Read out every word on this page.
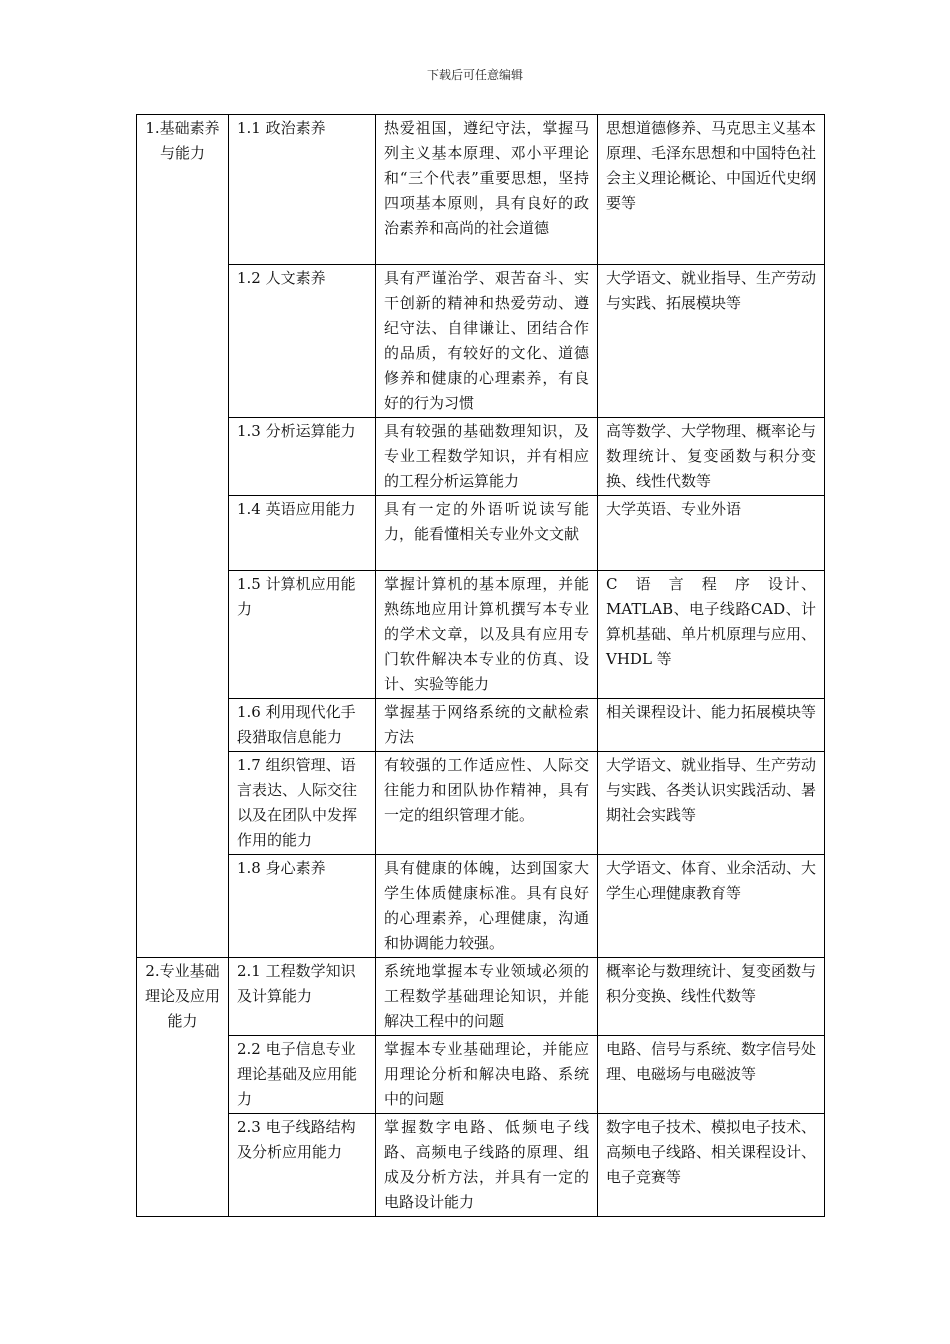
下载后可任意编辑
1.基础素养与能力	1.1 政治素养	热爱祖国，遵纪守法，掌握马列主义基本原理、邓小平理论和“三个代表”重要思想，坚持四项基本原则，具有良好的政治素养和高尚的社会道德	思想道德修养、马克思主义基本原理、毛泽东思想和中国特色社会主义理论概论、中国近代史纲要等
	1.2 人文素养	具有严谨治学、艰苦奋斗、实干创新的精神和热爱劳动、遵纪守法、自律谦让、团结合作的品质，有较好的文化、道德修养和健康的心理素养，有良好的行为习惯	大学语文、就业指导、生产劳动与实践、拓展模块等
	1.3 分析运算能力	具有较强的基础数理知识，及专业工程数学知识，并有相应的工程分析运算能力	高等数学、大学物理、概率论与数理统计、复变函数与积分变换、线性代数等
	1.4 英语应用能力	具有一定的外语听说读写能力，能看懂相关专业外文文献	大学英语、专业外语
	1.5 计算机应用能力	掌握计算机的基本原理，并能熟练地应用计算机撰写本专业的学术文章，以及具有应用专门软件解决本专业的仿真、设计、实验等能力	C　语　言　程　序　设计、MATLAB、电子线路CAD、计算机基础、单片机原理与应用、VHDL 等
	1.6 利用现代化手段猎取信息能力	掌握基于网络系统的文献检索方法	相关课程设计、能力拓展模块等
	1.7 组织管理、语言表达、人际交往以及在团队中发挥作用的能力	有较强的工作适应性、人际交往能力和团队协作精神，具有一定的组织管理才能。	大学语文、就业指导、生产劳动与实践、各类认识实践活动、暑期社会实践等
	1.8 身心素养	具有健康的体魄，达到国家大学生体质健康标准。具有良好的心理素养，心理健康，沟通和协调能力较强。	大学语文、体育、业余活动、大学生心理健康教育等
2.专业基础理论及应用能力	2.1 工程数学知识及计算能力	系统地掌握本专业领域必须的工程数学基础理论知识，并能解决工程中的问题	概率论与数理统计、复变函数与积分变换、线性代数等
	2.2 电子信息专业理论基础及应用能力	掌握本专业基础理论，并能应用理论分析和解决电路、系统中的问题	电路、信号与系统、数字信号处理、电磁场与电磁波等
	2.3 电子线路结构及分析应用能力	掌握数字电路、低频电子线路、高频电子线路的原理、组成及分析方法，并具有一定的电路设计能力	数字电子技术、模拟电子技术、高频电子线路、相关课程设计、电子竞赛等
